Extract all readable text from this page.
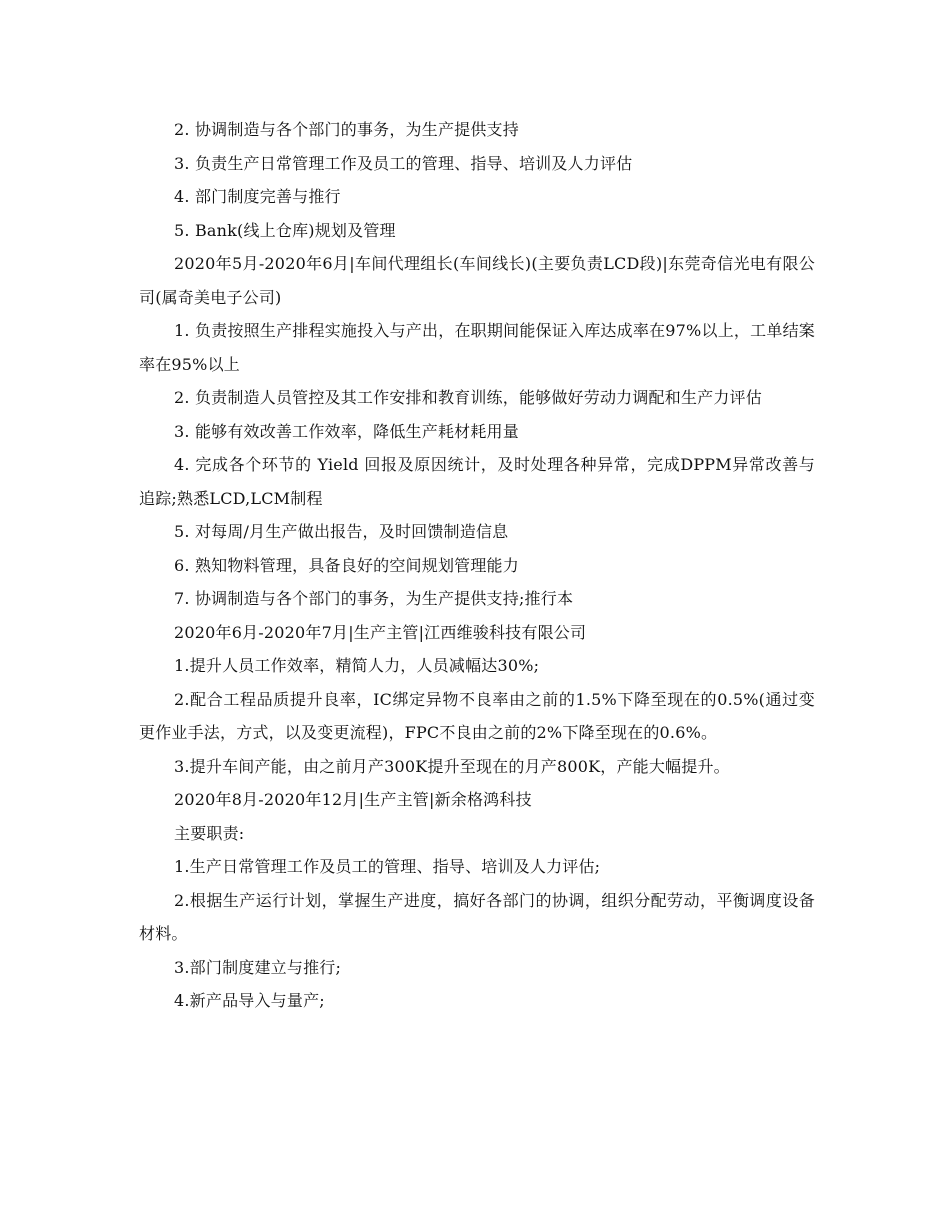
2. 协调制造与各个部门的事务，为生产提供支持

3. 负责生产日常管理工作及员工的管理、指导、培训及人力评估

4. 部门制度完善与推行

5. Bank(线上仓库)规划及管理

2020年5月-2020年6月|车间代理组长(车间线长)(主要负责LCD段)|东莞奇信光电有限公司(属奇美电子公司)

1. 负责按照生产排程实施投入与产出，在职期间能保证入库达成率在97%以上，工单结案率在95%以上

2. 负责制造人员管控及其工作安排和教育训练，能够做好劳动力调配和生产力评估

3. 能够有效改善工作效率，降低生产耗材耗用量

4. 完成各个环节的 Yield 回报及原因统计，及时处理各种异常，完成DPPM异常改善与追踪;熟悉LCD,LCM制程

5. 对每周/月生产做出报告，及时回馈制造信息

6. 熟知物料管理，具备良好的空间规划管理能力

7. 协调制造与各个部门的事务，为生产提供支持;推行本

2020年6月-2020年7月|生产主管|江西维骏科技有限公司

1.提升人员工作效率，精简人力，人员减幅达30%;

2.配合工程品质提升良率，IC绑定异物不良率由之前的1.5%下降至现在的0.5%(通过变更作业手法，方式，以及变更流程)，FPC不良由之前的2%下降至现在的0.6%。

3.提升车间产能，由之前月产300K提升至现在的月产800K，产能大幅提升。

2020年8月-2020年12月|生产主管|新余格鸿科技

主要职责:

1.生产日常管理工作及员工的管理、指导、培训及人力评估;

2.根据生产运行计划，掌握生产进度，搞好各部门的协调，组织分配劳动，平衡调度设备材料。

3.部门制度建立与推行;

4.新产品导入与量产;
